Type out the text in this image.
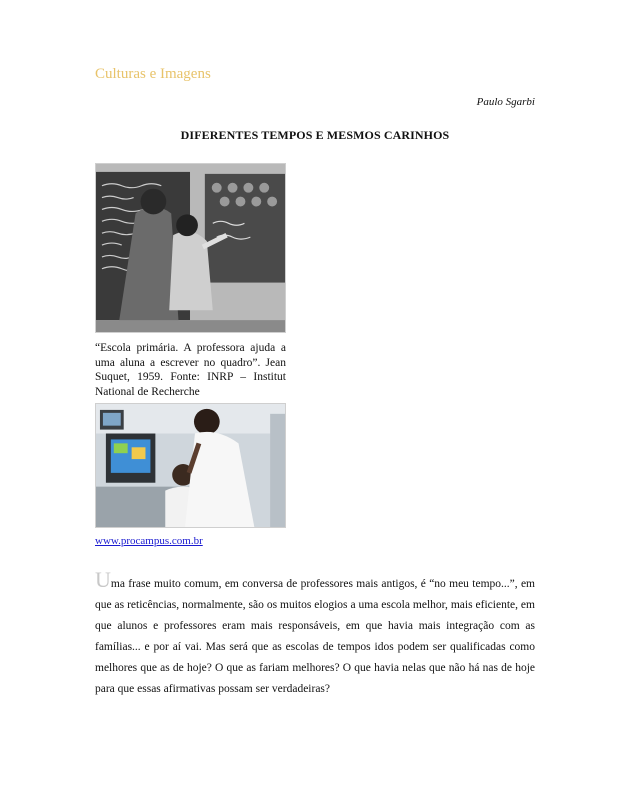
Culturas e Imagens

Paulo Sgarbi

DIFERENTES TEMPOS E MESMOS CARINHOS

“Escola primária. A professora ajuda a uma aluna a escrever no quadro”. Jean Suquet, 1959. Fonte: INRP – Institut National de Recherche

www.procampus.com.br

Uma frase muito comum, em conversa de professores mais antigos, é “no meu tempo...”, em que as reticências, normalmente, são os muitos elogios a uma escola melhor, mais eficiente, em que alunos e professores eram mais responsáveis, em que havia mais integração com as famílias... e por aí vai. Mas será que as escolas de tempos idos podem ser qualificadas como melhores que as de hoje? O que as fariam melhores? O que havia nelas que não há nas de hoje para que essas afirmativas possam ser verdadeiras?
